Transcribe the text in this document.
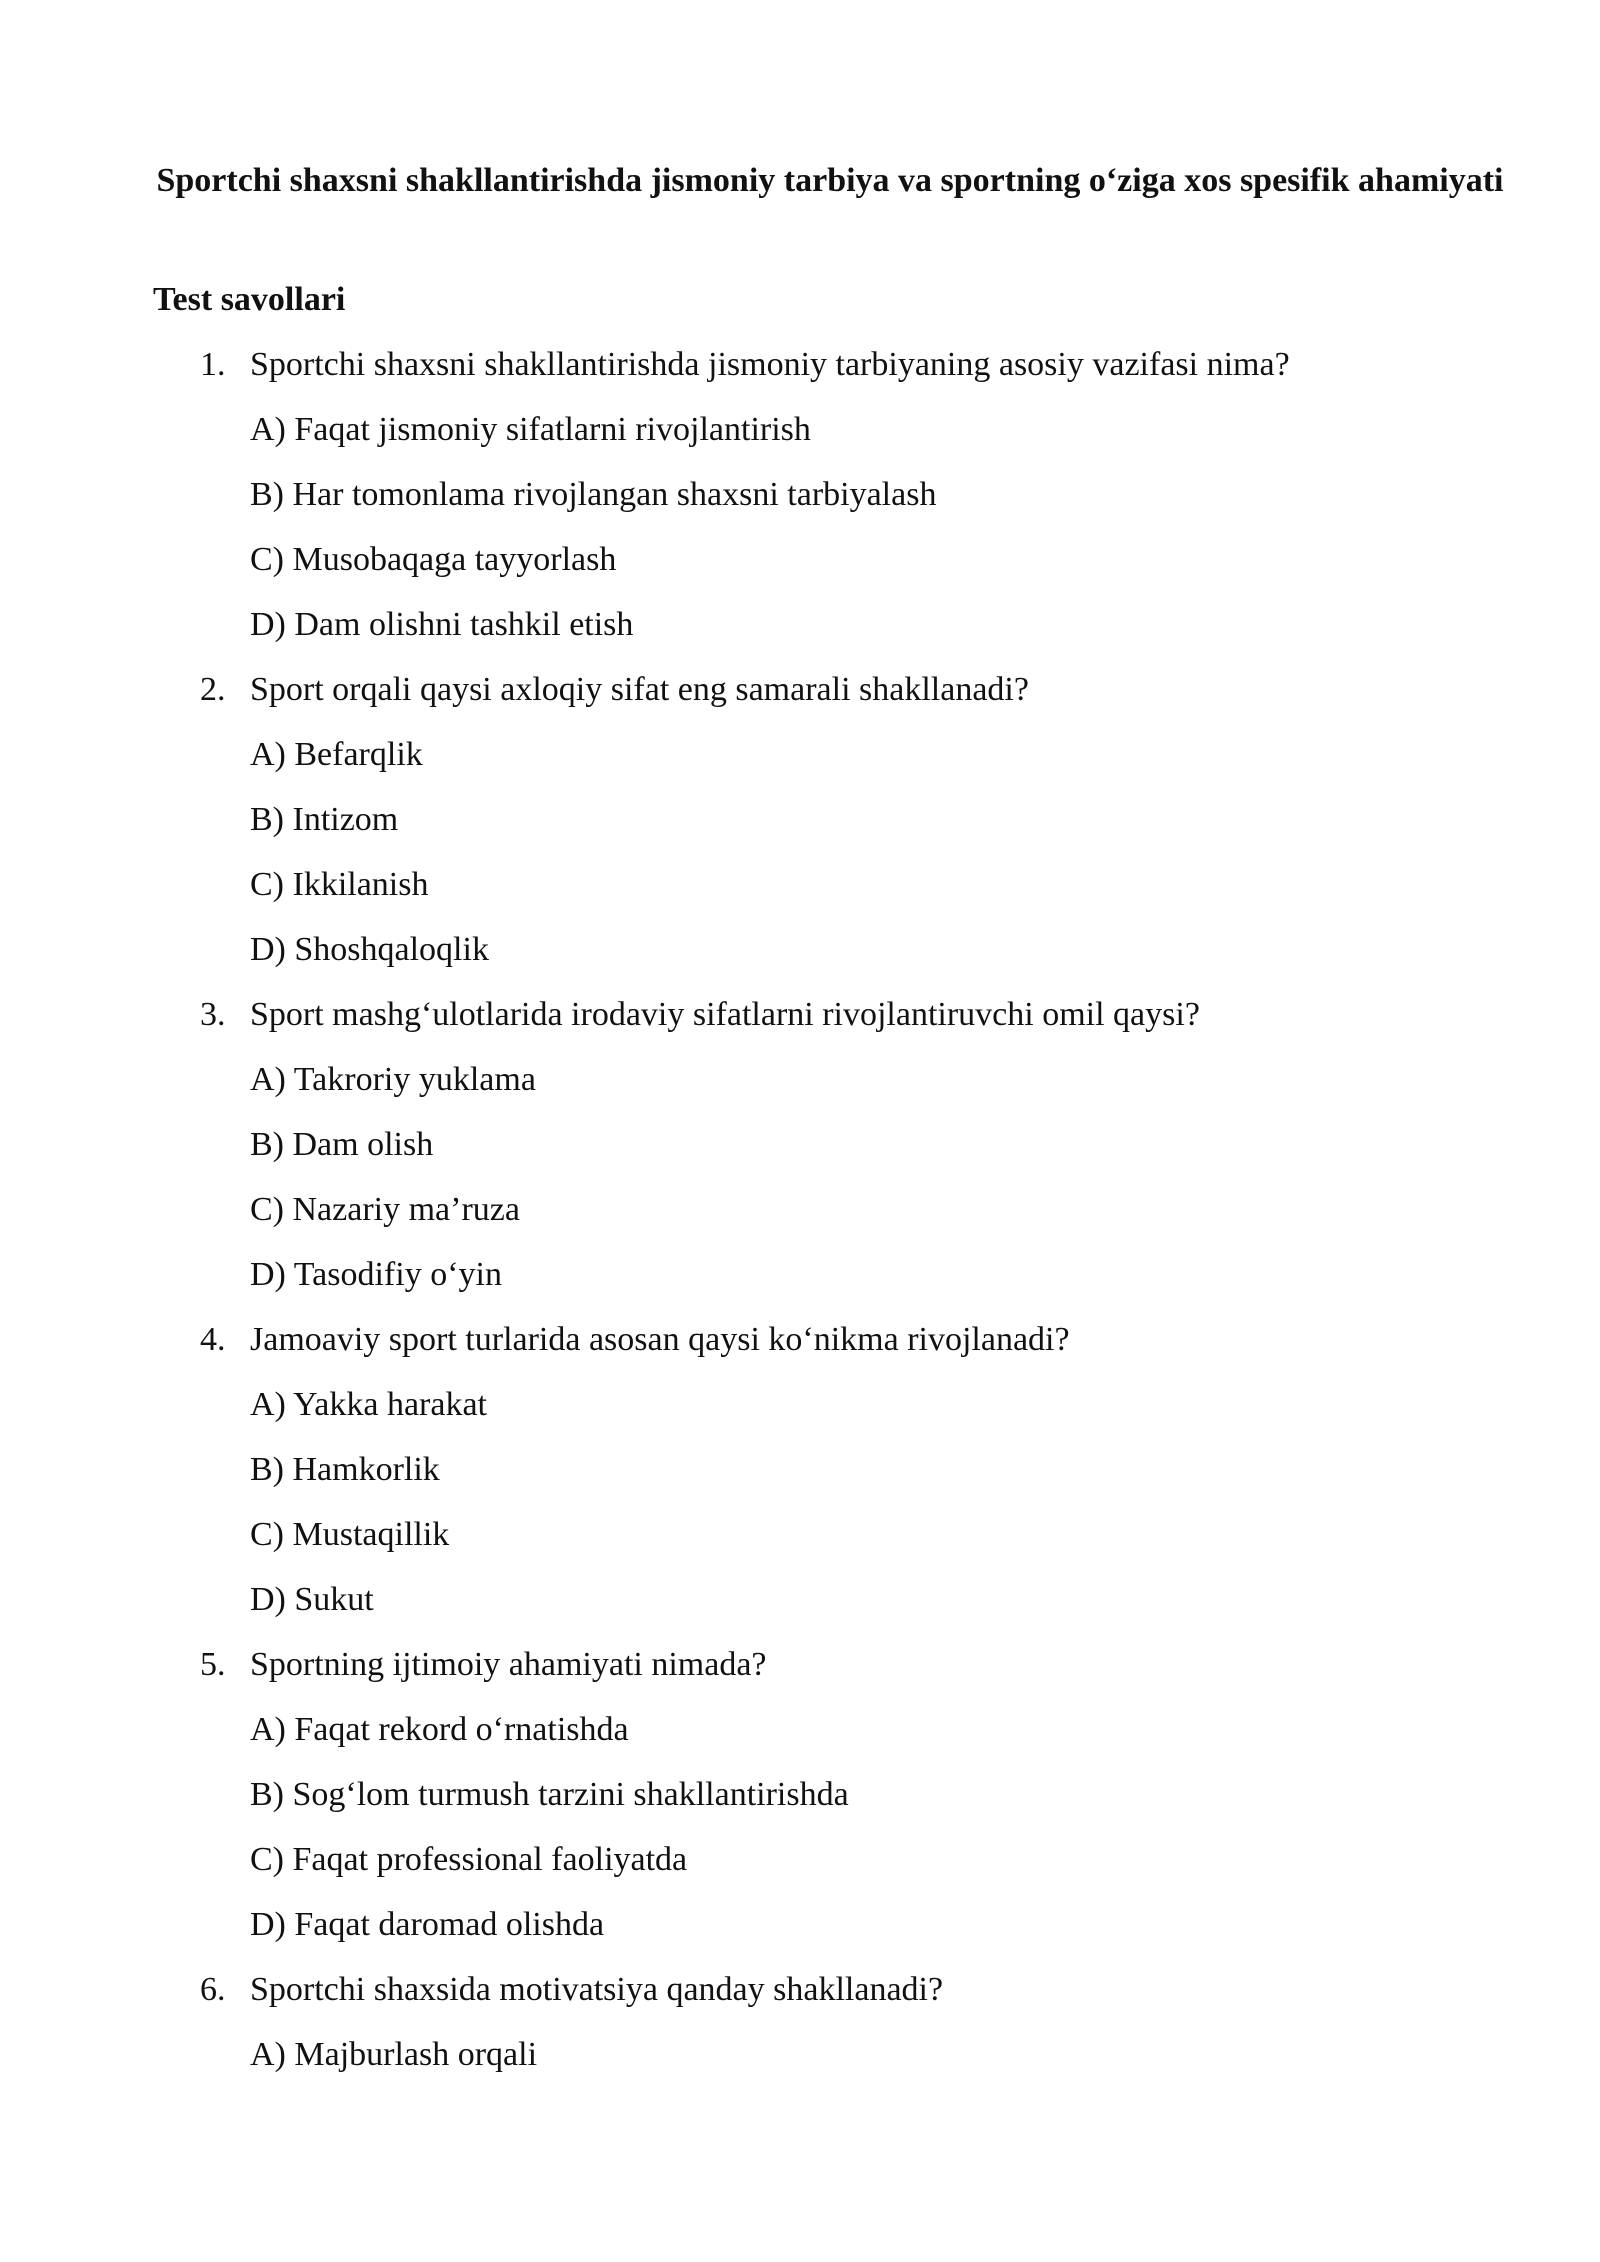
Sportchi shaxsni shakllantirishda jismoniy tarbiya va sportning o‘ziga xos spesifik ahamiyati
Test savollari
1. Sportchi shaxsni shakllantirishda jismoniy tarbiyaning asosiy vazifasi nima?
A) Faqat jismoniy sifatlarni rivojlantirish
B) Har tomonlama rivojlangan shaxsni tarbiyalash
C) Musobaqaga tayyorlash
D) Dam olishni tashkil etish
2. Sport orqali qaysi axloqiy sifat eng samarali shakllanadi?
A) Befarqlik
B) Intizom
C) Ikkilanish
D) Shoshqaloqlik
3. Sport mashg‘ulotlarida irodaviy sifatlarni rivojlantiruvchi omil qaysi?
A) Takroriy yuklama
B) Dam olish
C) Nazariy ma’ruza
D) Tasodifiy o‘yin
4. Jamoaviy sport turlarida asosan qaysi ko‘nikma rivojlanadi?
A) Yakka harakat
B) Hamkorlik
C) Mustaqillik
D) Sukut
5. Sportning ijtimoiy ahamiyati nimada?
A) Faqat rekord o‘rnatishda
B) Sog‘lom turmush tarzini shakllantirishda
C) Faqat professional faoliyatda
D) Faqat daromad olishda
6. Sportchi shaxsida motivatsiya qanday shakllanadi?
A) Majburlash orqali
